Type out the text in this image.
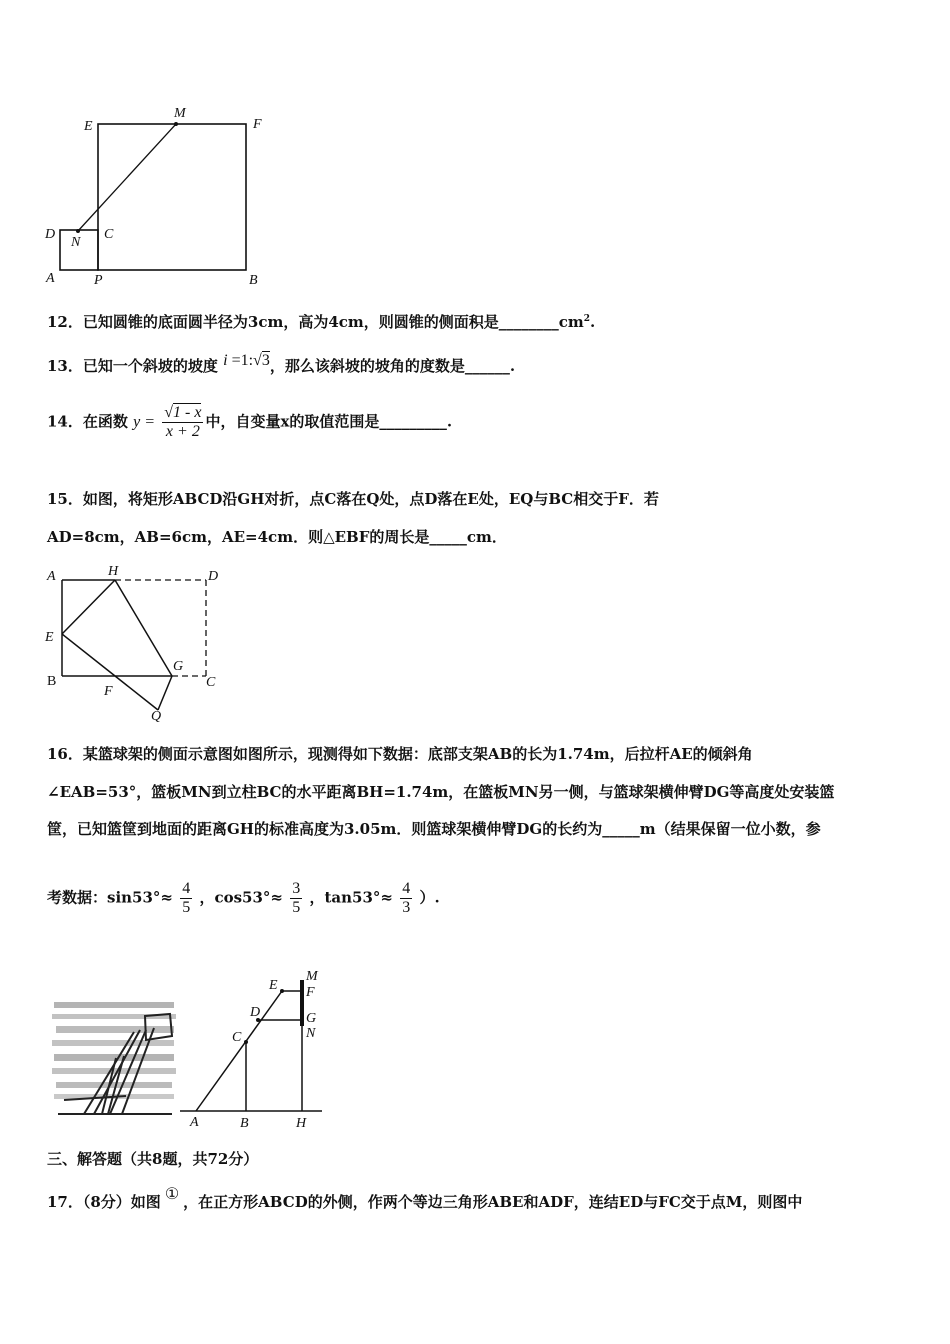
E
M
F
D
N
C
A	P	B
12．已知圆锥的底面圆半径为3cm，高为4cm，则圆锥的侧面积是$\_\_\_\_\_\_\_\_cm^2$.
13．已知一个斜坡的坡度 i =1:√3，那么该斜坡的坡角的度数是______.
14．在函数 $y = \frac{√1 - x}{x + 2}$ 中，自变量x的取值范围是_________.
15．如图，将矩形ABCD沿GH对折，点C落在Q处，点D落在E处，EQ与BC相交于F．若
AD=8cm，AB=6cm，AE=4cm．则△EBF的周长是_____cm．
A	H	D
E
G
B
F
C
Q
16．某篮球架的侧面示意图如图所示，现测得如下数据：底部支架AB的长为1.74m，后拉杆AE的倾斜角
∠EAB=53°，篮板MN到立柱BC的水平距离BH=1.74m，在篮板MN另一侧，与篮球架横伸臂DG等高度处安装篮
筐，已知篮筐到地面的距离GH的标准高度为3.05m．则篮球架横伸臂DG的长约为_____m（结果保留一位小数，参
考数据：$\sin 53^\circ\approx \frac{4}{5}$ ，$\cos 53^\circ\approx \frac{3}{5}$ ，$\tan 53^\circ\approx \frac{4}{3}$ ）.
E
M
F
D	G
N
C
A	B	H
三、解答题（共8题，共72分）
17．（8分）如图 ① ，在正方形ABCD的外侧，作两个等边三角形ABE和ADF，连结ED与FC交于点M，则图中
